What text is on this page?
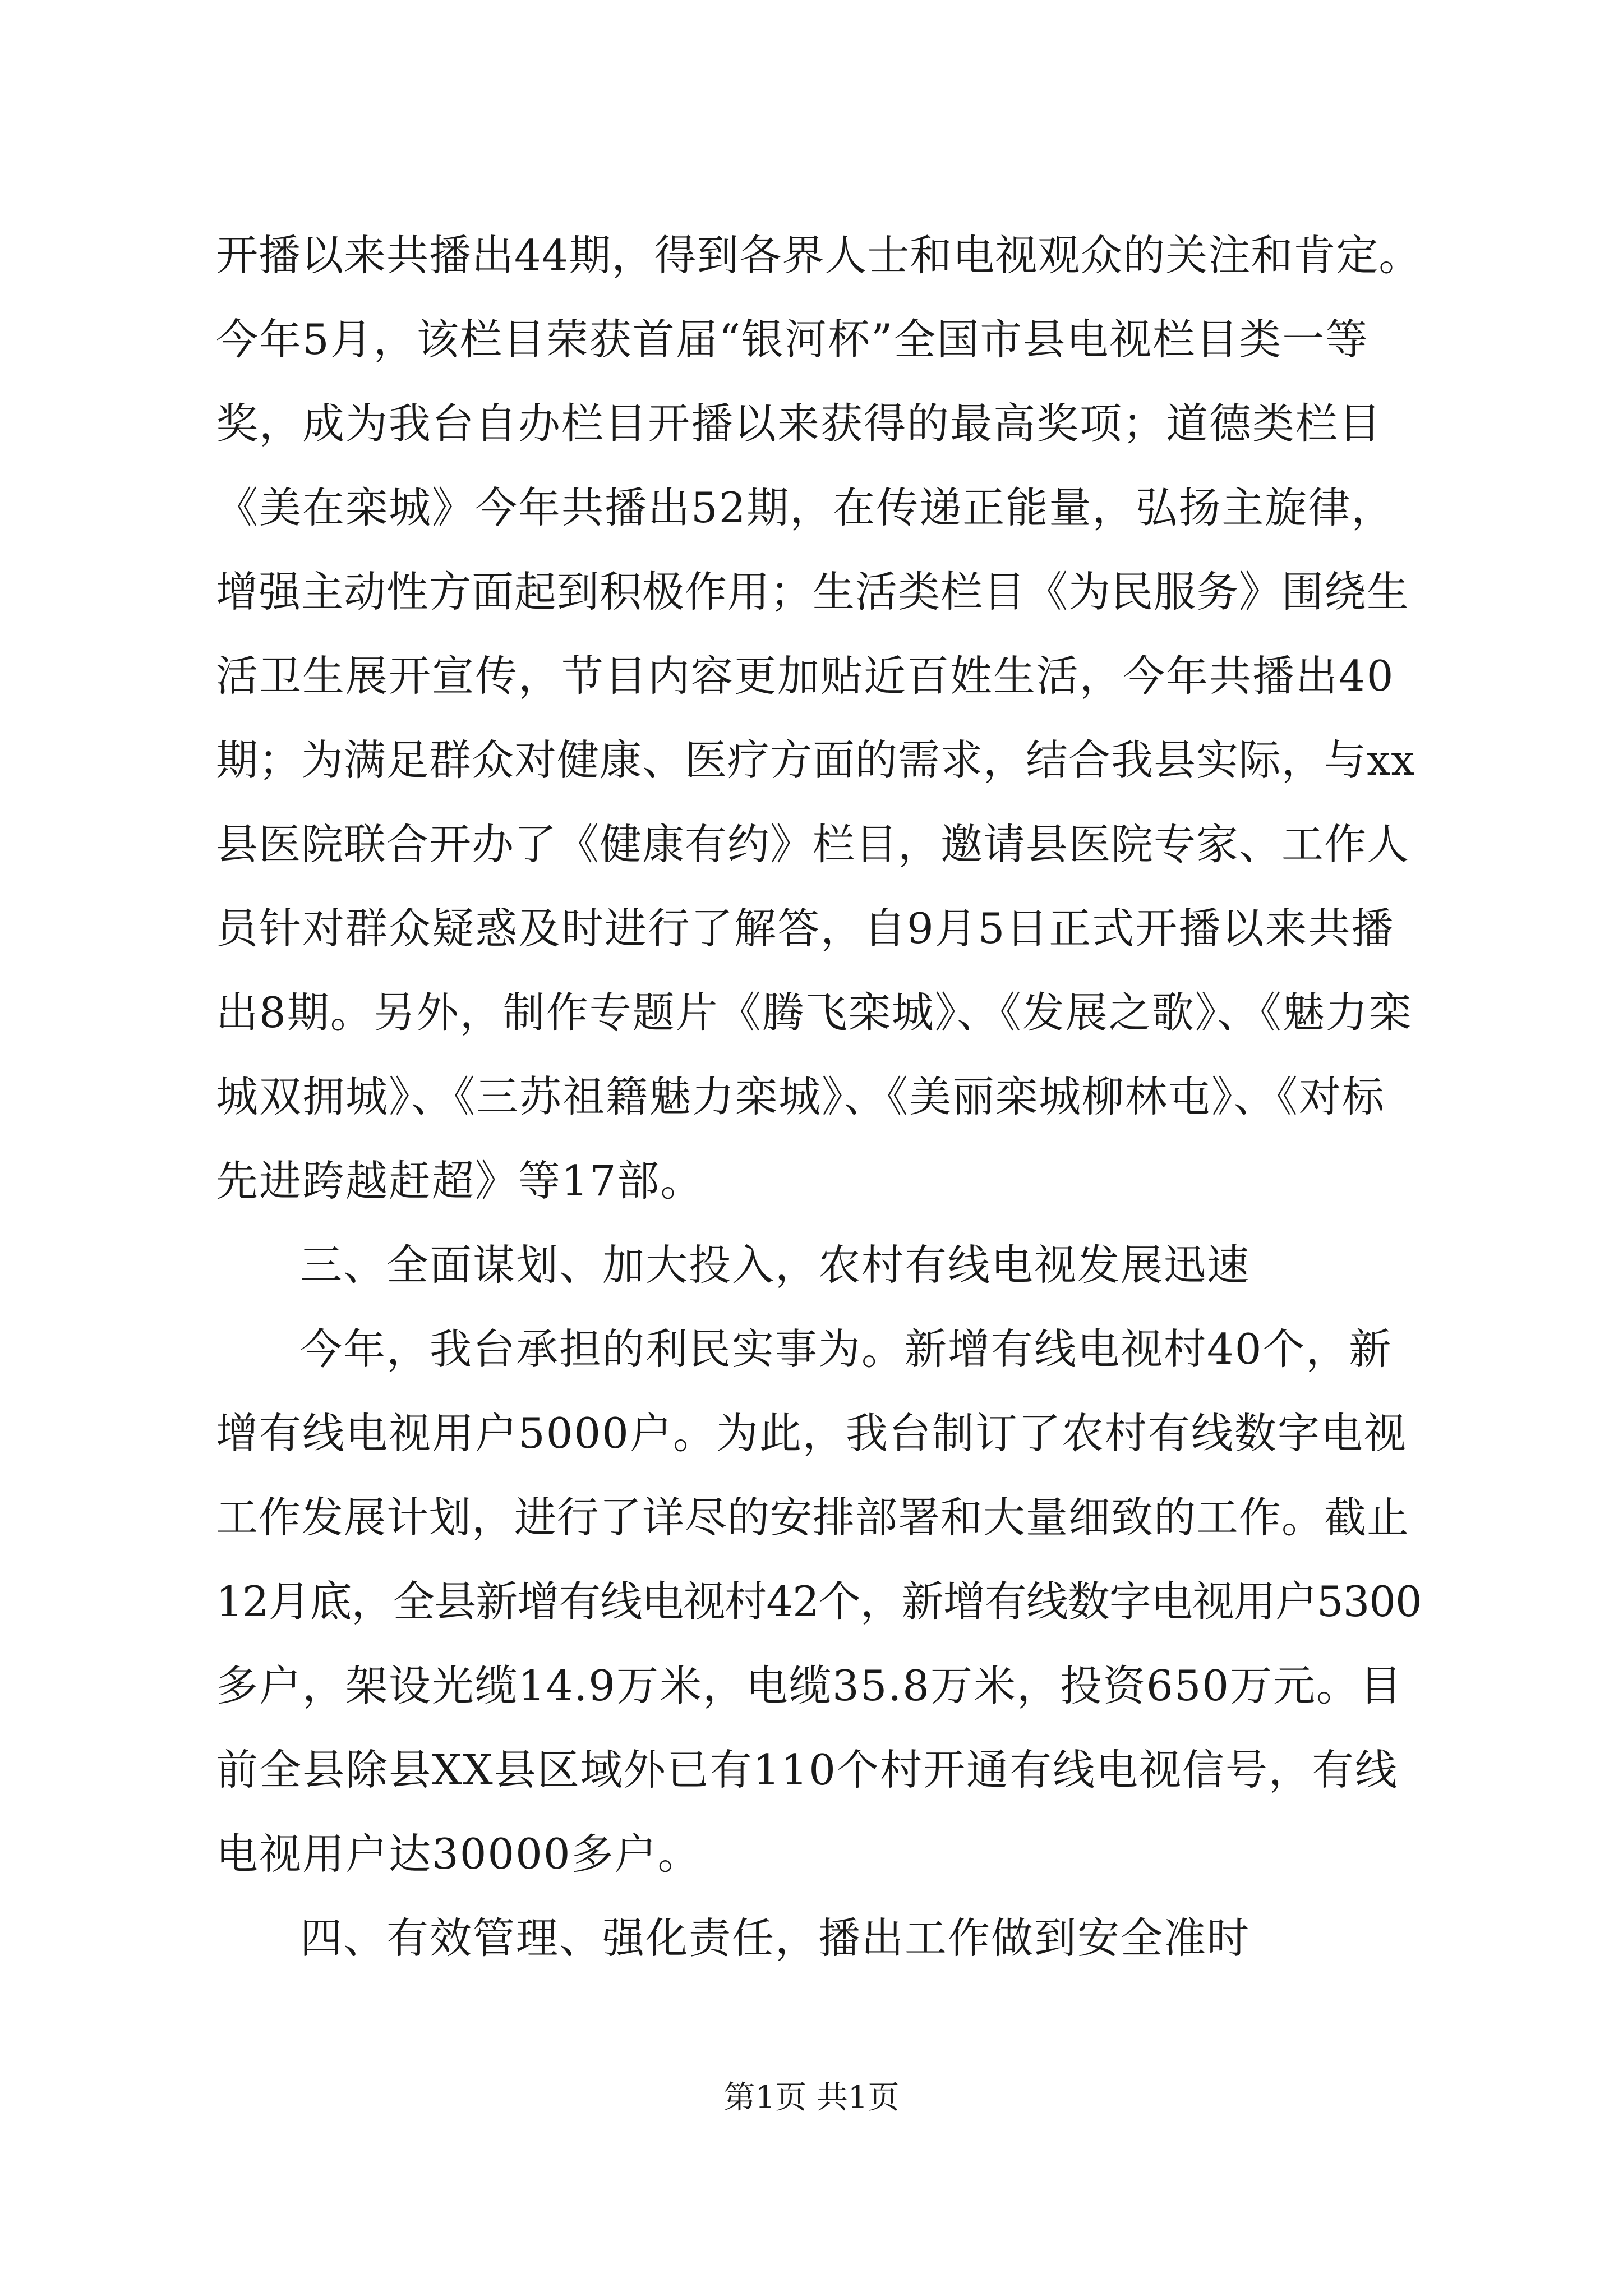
开播以来共播出44期，得到各界人士和电视观众的关注和肯定。
今年5月，该栏目荣获首届“银河杯”全国市县电视栏目类一等
奖，成为我台自办栏目开播以来获得的最高奖项；道德类栏目
《美在栾城》今年共播出52期，在传递正能量，弘扬主旋律，
增强主动性方面起到积极作用；生活类栏目《为民服务》围绕生
活卫生展开宣传，节目内容更加贴近百姓生活，今年共播出40
期；为满足群众对健康、医疗方面的需求，结合我县实际，与xx
县医院联合开办了《健康有约》栏目，邀请县医院专家、工作人
员针对群众疑惑及时进行了解答，自9月5日正式开播以来共播
出8期。另外，制作专题片《腾飞栾城》、《发展之歌》、《魅力栾
城双拥城》、《三苏祖籍魅力栾城》、《美丽栾城柳林屯》、《对标
先进跨越赶超》等17部。
三、全面谋划、加大投入，农村有线电视发展迅速
今年，我台承担的利民实事为。新增有线电视村40个，新
增有线电视用户5000户。为此，我台制订了农村有线数字电视
工作发展计划，进行了详尽的安排部署和大量细致的工作。截止
12月底，全县新增有线电视村42个，新增有线数字电视用户5300
多户，架设光缆14.9万米，电缆35.8万米，投资650万元。目
前全县除县XX县区域外已有110个村开通有线电视信号，有线
电视用户达30000多户。
四、有效管理、强化责任，播出工作做到安全准时
第1页 共1页
